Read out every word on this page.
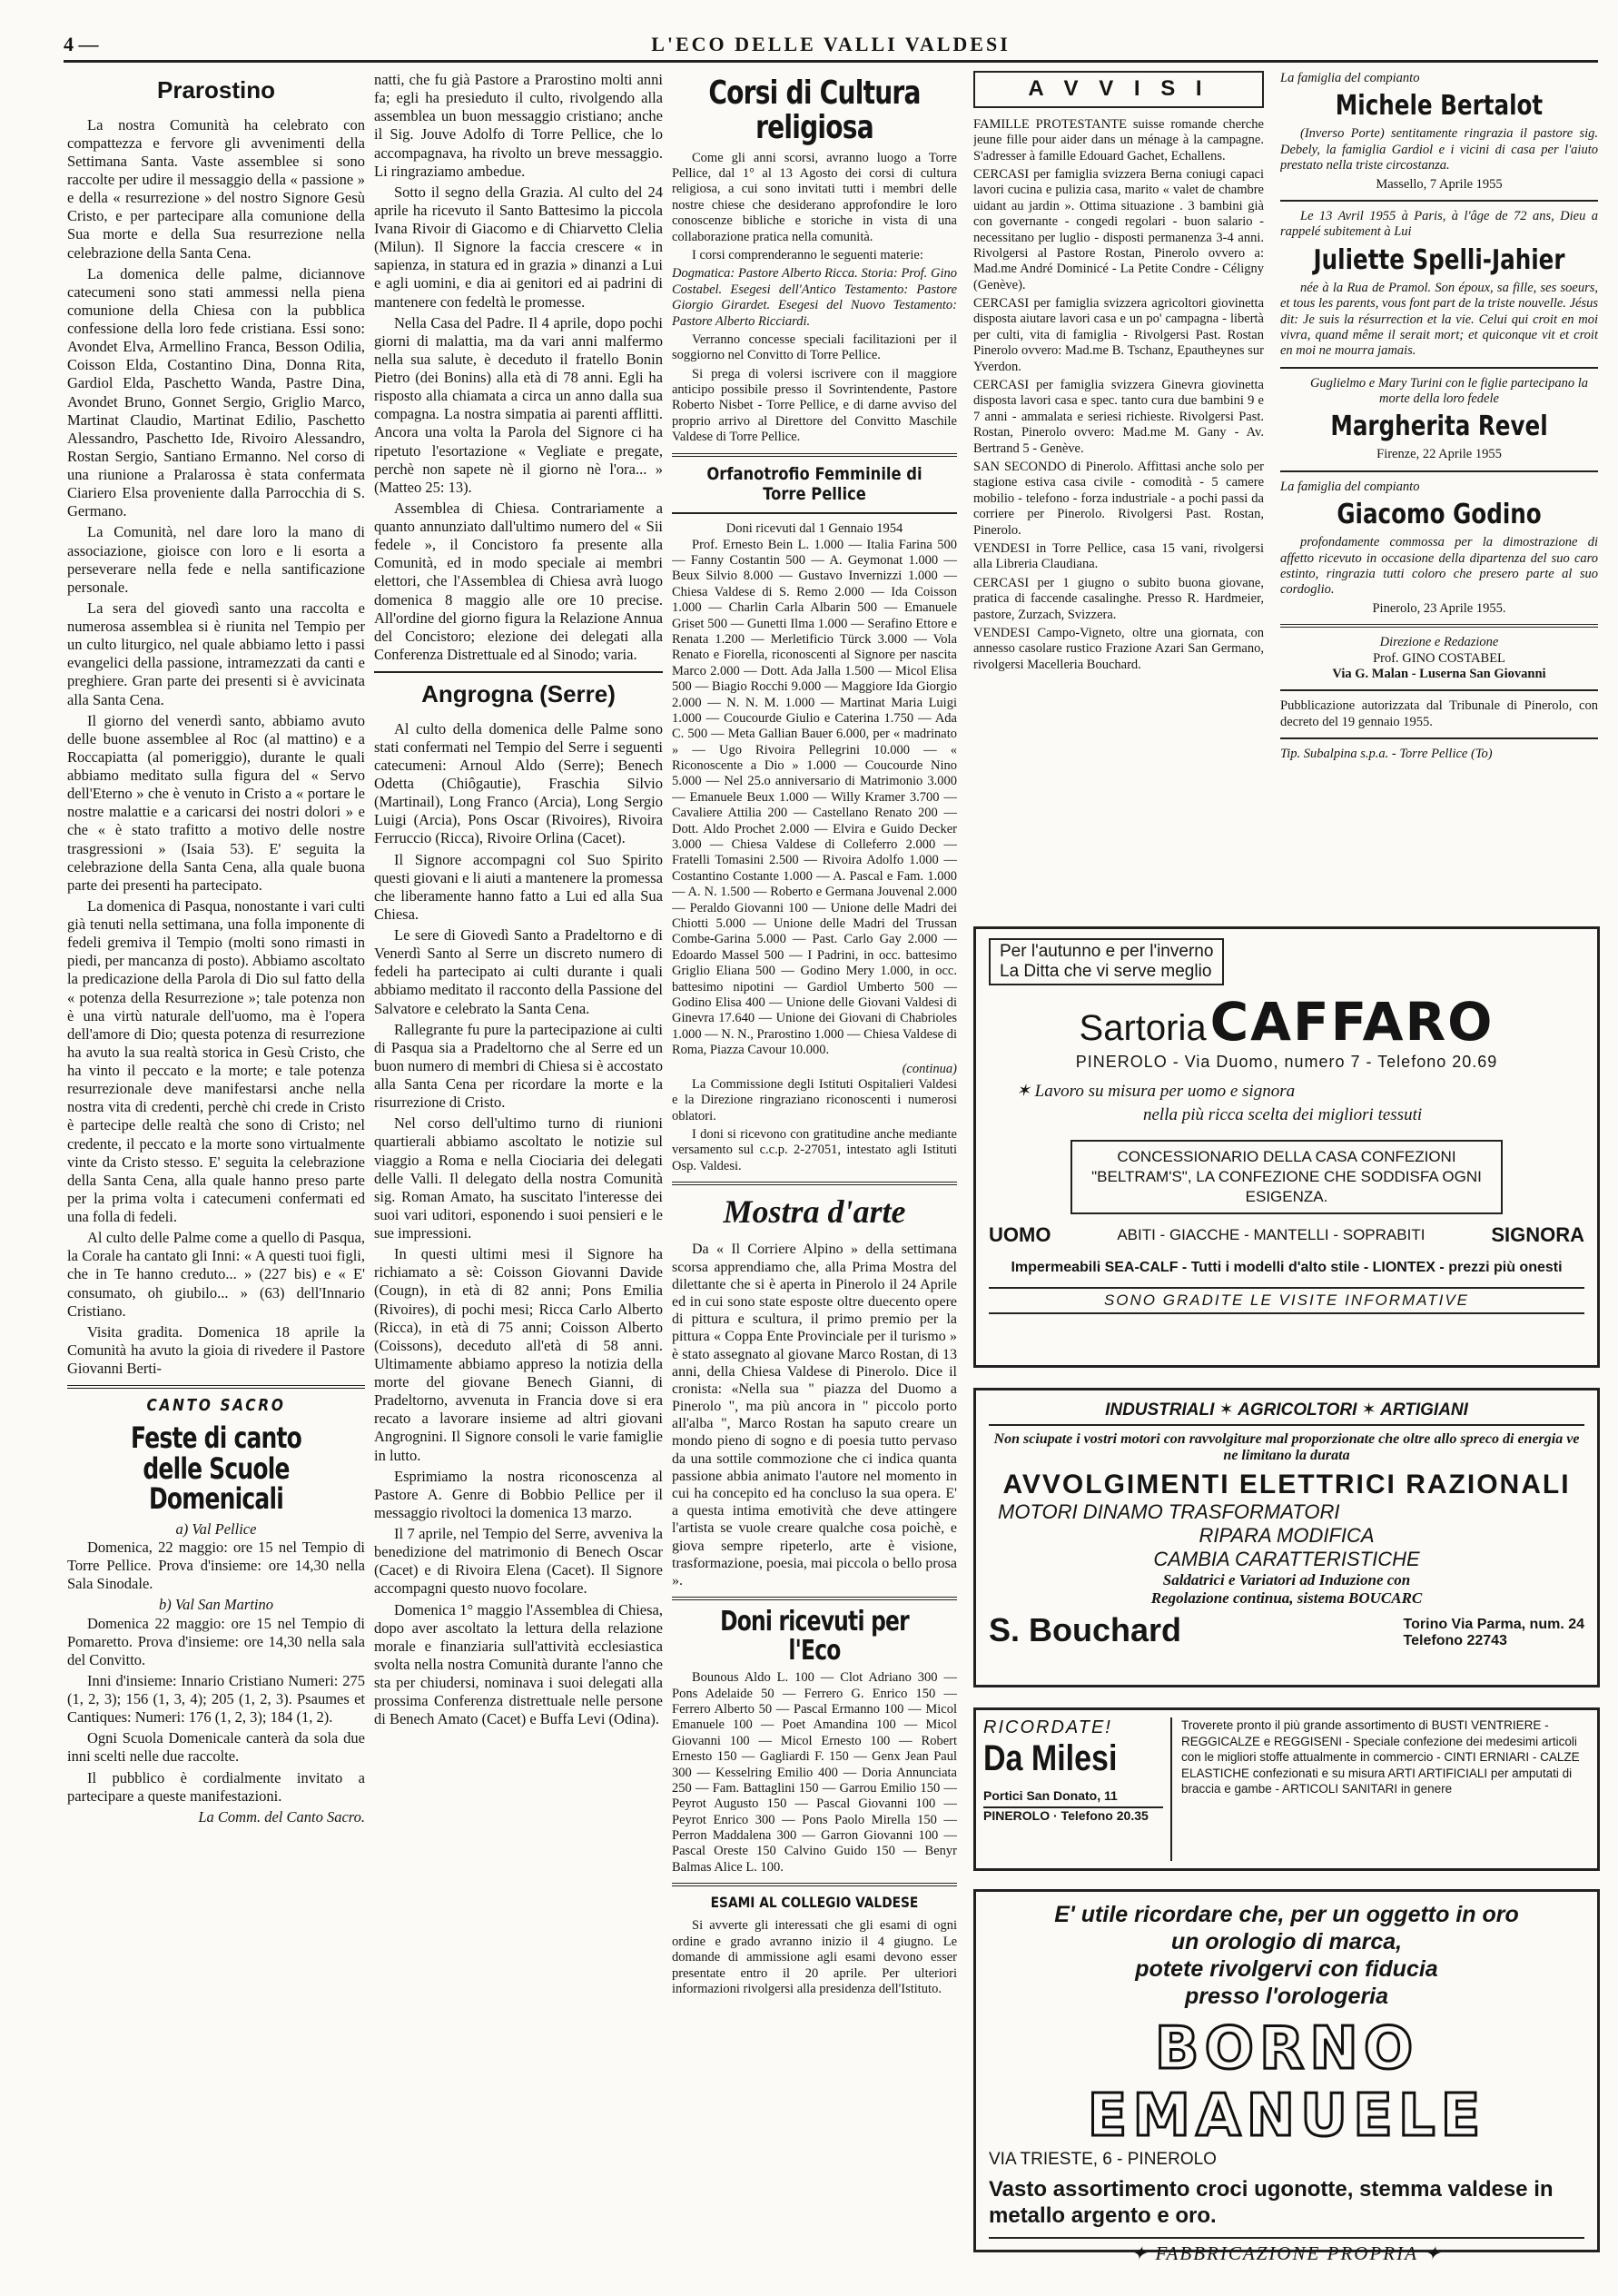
4 —	L'ECO DELLE VALLI VALDESI
Prarostino

La nostra Comunità ha celebrato con compattezza e fervore gli avvenimenti della Settimana Santa. Vaste assemblee si sono raccolte per udire il messaggio della « passione » e della « resurrezione » del nostro Signore Gesù Cristo, e per partecipare alla comunione della Sua morte e della Sua resurrezione nella celebrazione della Santa Cena.

La domenica delle palme, diciannove catecumeni sono stati ammessi nella piena comunione della Chiesa con la pubblica confessione della loro fede cristiana. Essi sono: Avondet Elva, Armellino Franca, Besson Odilia, Coisson Elda, Costantino Dina, Donna Rita, Gardiol Elda, Paschetto Wanda, Pastre Dina, Avondet Bruno, Gonnet Sergio, Griglio Marco, Martinat Claudio, Martinat Edilio, Paschetto Alessandro, Paschetto Ide, Rivoiro Alessandro, Rostan Sergio, Santiano Ermanno. Nel corso di una riunione a Pralarossa è stata confermata Ciariero Elsa proveniente dalla Parrocchia di S. Germano.

La Comunità, nel dare loro la mano di associazione, gioisce con loro e li esorta a perseverare nella fede e nella santificazione personale.

La sera del giovedì santo una raccolta e numerosa assemblea si è riunita nel Tempio per un culto liturgico, nel quale abbiamo letto i passi evangelici della passione, intramezzati da canti e preghiere. Gran parte dei presenti si è avvicinata alla Santa Cena.

Il giorno del venerdì santo, abbiamo avuto delle buone assemblee al Roc (al mattino) e a Roccapiatta (al pomeriggio), durante le quali abbiamo meditato sulla figura del « Servo dell'Eterno » che è venuto in Cristo a « portare le nostre malattie e a caricarsi dei nostri dolori » e che « è stato trafitto a motivo delle nostre trasgressioni » (Isaia 53). E' seguita la celebrazione della Santa Cena, alla quale buona parte dei presenti ha partecipato.

La domenica di Pasqua, nonostante i vari culti già tenuti nella settimana, una folla imponente di fedeli gremiva il Tempio (molti sono rimasti in piedi, per mancanza di posto). Abbiamo ascoltato la predicazione della Parola di Dio sul fatto della « potenza della Resurrezione »; tale potenza non è una virtù naturale dell'uomo, ma è l'opera dell'amore di Dio; questa potenza di resurrezione ha avuto la sua realtà storica in Gesù Cristo, che ha vinto il peccato e la morte; e tale potenza resurrezionale deve manifestarsi anche nella nostra vita di credenti, perchè chi crede in Cristo è partecipe delle realtà che sono di Cristo; nel credente, il peccato e la morte sono virtualmente vinte da Cristo stesso. E' seguita la celebrazione della Santa Cena, alla quale hanno preso parte per la prima volta i catecumeni confermati ed una folla di fedeli.

Al culto delle Palme come a quello di Pasqua, la Corale ha cantato gli Inni: « A questi tuoi figli, che in Te hanno creduto... » (227 bis) e « E' consumato, oh giubilo... » (63) dell'Innario Cristiano.

Visita gradita. Domenica 18 aprile la Comunità ha avuto la gioia di rivedere il Pastore Giovanni Berti-

CANTO SACRO
Feste di canto delle Scuole Domenicali
a) Val Pellice

Domenica, 22 maggio: ore 15 nel Tempio di Torre Pellice. Prova d'insieme: ore 14,30 nella Sala Sinodale.

b) Val San Martino

Domenica 22 maggio: ore 15 nel Tempio di Pomaretto. Prova d'insieme: ore 14,30 nella sala del Convitto.

Inni d'insieme: Innario Cristiano Numeri: 275 (1, 2, 3); 156 (1, 3, 4); 205 (1, 2, 3). Psaumes et Cantiques: Numeri: 176 (1, 2, 3); 184 (1, 2).

Ogni Scuola Domenicale canterà da sola due inni scelti nelle due raccolte.

Il pubblico è cordialmente invitato a partecipare a queste manifestazioni.

La Comm. del Canto Sacro.

natti, che fu già Pastore a Prarostino molti anni fa; egli ha presieduto il culto, rivolgendo alla assemblea un buon messaggio cristiano; anche il Sig. Jouve Adolfo di Torre Pellice, che lo accompagnava, ha rivolto un breve messaggio. Li ringraziamo ambedue.

Sotto il segno della Grazia. Al culto del 24 aprile ha ricevuto il Santo Battesimo la piccola Ivana Rivoir di Giacomo e di Chiarvetto Clelia (Milun). Il Signore la faccia crescere « in sapienza, in statura ed in grazia » dinanzi a Lui e agli uomini, e dia ai genitori ed ai padrini di mantenere con fedeltà le promesse.

Nella Casa del Padre. Il 4 aprile, dopo pochi giorni di malattia, ma da vari anni malfermo nella sua salute, è deceduto il fratello Bonin Pietro (dei Bonins) alla età di 78 anni. Egli ha risposto alla chiamata a circa un anno dalla sua compagna. La nostra simpatia ai parenti afflitti. Ancora una volta la Parola del Signore ci ha ripetuto l'esortazione « Vegliate e pregate, perchè non sapete nè il giorno nè l'ora... » (Matteo 25: 13).

Assemblea di Chiesa. Contrariamente a quanto annunziato dall'ultimo numero del « Sii fedele », il Concistoro fa presente alla Comunità, ed in modo speciale ai membri elettori, che l'Assemblea di Chiesa avrà luogo domenica 8 maggio alle ore 10 precise. All'ordine del giorno figura la Relazione Annua del Concistoro; elezione dei delegati alla Conferenza Distrettuale ed al Sinodo; varia.

Angrogna (Serre)

Al culto della domenica delle Palme sono stati confermati nel Tempio del Serre i seguenti catecumeni: Arnoul Aldo (Serre); Benech Odetta (Chiôgautie), Fraschia Silvio (Martinail), Long Franco (Arcia), Long Sergio Luigi (Arcia), Pons Oscar (Rivoires), Rivoira Ferruccio (Ricca), Rivoire Orlina (Cacet).

Il Signore accompagni col Suo Spirito questi giovani e li aiuti a mantenere la promessa che liberamente hanno fatto a Lui ed alla Sua Chiesa.

Le sere di Giovedì Santo a Pradeltorno e di Venerdì Santo al Serre un discreto numero di fedeli ha partecipato ai culti durante i quali abbiamo meditato il racconto della Passione del Salvatore e celebrato la Santa Cena.

Rallegrante fu pure la partecipazione ai culti di Pasqua sia a Pradeltorno che al Serre ed un buon numero di membri di Chiesa si è accostato alla Santa Cena per ricordare la morte e la risurrezione di Cristo.

Nel corso dell'ultimo turno di riunioni quartierali abbiamo ascoltato le notizie sul viaggio a Roma e nella Ciociaria dei delegati delle Valli. Il delegato della nostra Comunità sig. Roman Amato, ha suscitato l'interesse dei suoi vari uditori, esponendo i suoi pensieri e le sue impressioni.

In questi ultimi mesi il Signore ha richiamato a sè: Coisson Giovanni Davide (Cougn), in età di 82 anni; Pons Emilia (Rivoires), di pochi mesi; Ricca Carlo Alberto (Ricca), in età di 75 anni; Coisson Alberto (Coissons), deceduto all'età di 58 anni. Ultimamente abbiamo appreso la notizia della morte del giovane Benech Gianni, di Pradeltorno, avvenuta in Francia dove si era recato a lavorare insieme ad altri giovani Angrognini. Il Signore consoli le varie famiglie in lutto.

Esprimiamo la nostra riconoscenza al Pastore A. Genre di Bobbio Pellice per il messaggio rivoltoci la domenica 13 marzo.

Il 7 aprile, nel Tempio del Serre, avveniva la benedizione del matrimonio di Benech Oscar (Cacet) e di Rivoira Elena (Cacet). Il Signore accompagni questo nuovo focolare.

Domenica 1° maggio l'Assemblea di Chiesa, dopo aver ascoltato la lettura della relazione morale e finanziaria sull'attività ecclesiastica svolta nella nostra Comunità durante l'anno che sta per chiudersi, nominava i suoi delegati alla prossima Conferenza distrettuale nelle persone di Benech Amato (Cacet) e Buffa Levi (Odina).

Corsi di Cultura religiosa

Come gli anni scorsi, avranno luogo a Torre Pellice, dal 1° al 13 Agosto dei corsi di cultura religiosa, a cui sono invitati tutti i membri delle nostre chiese che desiderano approfondire le loro conoscenze bibliche e storiche in vista di una collaborazione pratica nella comunità.

I corsi comprenderanno le seguenti materie:

Dogmatica: Pastore Alberto Ricca. Storia: Prof. Gino Costabel. Esegesi dell'Antico Testamento: Pastore Giorgio Girardet. Esegesi del Nuovo Testamento: Pastore Alberto Ricciardi.

Verranno concesse speciali facilitazioni per il soggiorno nel Convitto di Torre Pellice.

Si prega di volersi iscrivere con il maggiore anticipo possibile presso il Sovrintendente, Pastore Roberto Nisbet - Torre Pellice, e di darne avviso del proprio arrivo al Direttore del Convitto Maschile Valdese di Torre Pellice.

Orfanotrofio Femminile di Torre Pellice
Doni ricevuti dal 1 Gennaio 1954

Prof. Ernesto Bein L. 1.000 — Italia Farina 500 — Fanny Costantin 500 — A. Geymonat 1.000 — Beux Silvio 8.000 — Gustavo Invernizzi 1.000 — Chiesa Valdese di S. Remo 2.000 — Ida Coisson 1.000 — Charlin Carla Albarin 500 — Emanuele Griset 500 — Gunetti Ilma 1.000 — Serafino Ettore e Renata 1.200 — Merletificio Türck 3.000 — Vola Renato e Fiorella, riconoscenti al Signore per nascita Marco 2.000 — Dott. Ada Jalla 1.500 — Micol Elisa 500 — Biagio Rocchi 9.000 — Maggiore Ida Giorgio 2.000 — N. N. M. 1.000 — Martinat Maria Luigi 1.000 — Coucourde Giulio e Caterina 1.750 — Ada C. 500 — Meta Gallian Bauer 6.000, per « madrinato » — Ugo Rivoira Pellegrini 10.000 — « Riconoscente a Dio » 1.000 — Coucourde Nino 5.000 — Nel 25.o anniversario di Matrimonio 3.000 — Emanuele Beux 1.000 — Willy Kramer 3.700 — Cavaliere Attilia 200 — Castellano Renato 200 — Dott. Aldo Prochet 2.000 — Elvira e Guido Decker 3.000 — Chiesa Valdese di Colleferro 2.000 — Fratelli Tomasini 2.500 — Rivoira Adolfo 1.000 — Costantino Costante 1.000 — A. Pascal e Fam. 1.000 — A. N. 1.500 — Roberto e Germana Jouvenal 2.000 — Peraldo Giovanni 100 — Unione delle Madri dei Chiotti 5.000 — Unione delle Madri del Trussan Combe-Garina 5.000 — Past. Carlo Gay 2.000 — Edoardo Massel 500 — I Padrini, in occ. battesimo Griglio Eliana 500 — Godino Mery 1.000, in occ. battesimo nipotini — Gardiol Umberto 500 — Godino Elisa 400 — Unione delle Giovani Valdesi di Ginevra 17.640 — Unione dei Giovani di Chabrioles 1.000 — N. N., Prarostino 1.000 — Chiesa Valdese di Roma, Piazza Cavour 10.000.

(continua)

La Commissione degli Istituti Ospitalieri Valdesi e la Direzione ringraziano riconoscenti i numerosi oblatori.

I doni si ricevono con gratitudine anche mediante versamento sul c.c.p. 2-27051, intestato agli Istituti Osp. Valdesi.

Mostra d'arte

Da « Il Corriere Alpino » della settimana scorsa apprendiamo che, alla Prima Mostra del dilettante che si è aperta in Pinerolo il 24 Aprile ed in cui sono state esposte oltre duecento opere di pittura e scultura, il primo premio per la pittura « Coppa Ente Provinciale per il turismo » è stato assegnato al giovane Marco Rostan, di 13 anni, della Chiesa Valdese di Pinerolo. Dice il cronista: «Nella sua " piazza del Duomo a Pinerolo ", ma più ancora in " piccolo porto all'alba ", Marco Rostan ha saputo creare un mondo pieno di sogno e di poesia tutto pervaso da una sottile commozione che ci indica quanta passione abbia animato l'autore nel momento in cui ha concepito ed ha concluso la sua opera. E' a questa intima emotività che deve attingere l'artista se vuole creare qualche cosa poichè, e giova sempre ripeterlo, arte è visione, trasformazione, poesia, mai piccola o bello prosa ».

Doni ricevuti per l'Eco

Bounous Aldo L. 100 — Clot Adriano 300 — Pons Adelaide 50 — Ferrero G. Enrico 150 — Ferrero Alberto 50 — Pascal Ermanno 100 — Micol Emanuele 100 — Poet Amandina 100 — Micol Giovanni 100 — Micol Ernesto 100 — Robert Ernesto 150 — Gagliardi F. 150 — Genx Jean Paul 300 — Kesselring Emilio 400 — Doria Annunciata 250 — Fam. Battaglini 150 — Garrou Emilio 150 — Peyrot Augusto 150 — Pascal Giovanni 100 — Peyrot Enrico 300 — Pons Paolo Mirella 150 — Perron Maddalena 300 — Garron Giovanni 100 — Pascal Oreste 150 Calvino Guido 150 — Benyr Balmas Alice L. 100.

ESAMI AL COLLEGIO VALDESE

Si avverte gli interessati che gli esami di ogni ordine e grado avranno inizio il 4 giugno. Le domande di ammissione agli esami devono esser presentate entro il 20 aprile. Per ulteriori informazioni rivolgersi alla presidenza dell'Istituto.

A V V I S I

FAMILLE PROTESTANTE suisse romande cherche jeune fille pour aider dans un ménage à la campagne. S'adresser à famille Edouard Gachet, Echallens.

CERCASI per famiglia svizzera Berna coniugi capaci lavori cucina e pulizia casa, marito « valet de chambre uidant au jardin ». Ottima situazione . 3 bambini già con governante - congedi regolari - buon salario - necessitano per luglio - disposti permanenza 3-4 anni. Rivolgersi al Pastore Rostan, Pinerolo ovvero a: Mad.me André Dominicé - La Petite Condre - Céligny (Genève).

CERCASI per famiglia svizzera agricoltori giovinetta disposta aiutare lavori casa e un po' campagna - libertà per culti, vita di famiglia - Rivolgersi Past. Rostan Pinerolo ovvero: Mad.me B. Tschanz, Epautheynes sur Yverdon.

CERCASI per famiglia svizzera Ginevra giovinetta disposta lavori casa e spec. tanto cura due bambini 9 e 7 anni - ammalata e seriesi richieste. Rivolgersi Past. Rostan, Pinerolo ovvero: Mad.me M. Gany - Av. Bertrand 5 - Genève.

SAN SECONDO di Pinerolo. Affittasi anche solo per stagione estiva casa civile - comodità - 5 camere mobilio - telefono - forza industriale - a pochi passi da corriere per Pinerolo. Rivolgersi Past. Rostan, Pinerolo.

VENDESI in Torre Pellice, casa 15 vani, rivolgersi alla Libreria Claudiana.

CERCASI per 1 giugno o subito buona giovane, pratica di faccende casalinghe. Presso R. Hardmeier, pastore, Zurzach, Svizzera.

VENDESI Campo-Vigneto, oltre una giornata, con annesso casolare rustico Frazione Azari San Germano, rivolgersi Macelleria Bouchard.

La famiglia del compianto
Michele Bertalot

(Inverso Porte) sentitamente ringrazia il pastore sig. Debely, la famiglia Gardiol e i vicini di casa per l'aiuto prestato nella triste circostanza.

Massello, 7 Aprile 1955

Le 13 Avril 1955 à Paris, à l'âge de 72 ans, Dieu a rappelé subitement à Lui

Juliette Spelli-Jahier

née à la Rua de Pramol. Son époux, sa fille, ses soeurs, et tous les parents, vous font part de la triste nouvelle. Jésus dit: Je suis la résurrection et la vie. Celui qui croit en moi vivra, quand même il serait mort; et quiconque vit et croit en moi ne mourra jamais.

Guglielmo e Mary Turini con le figlie partecipano la morte della loro fedele

Margherita Revel
Firenze, 22 Aprile 1955
La famiglia del compianto
Giacomo Godino

profondamente commossa per la dimostrazione di affetto ricevuto in occasione della dipartenza del suo caro estinto, ringrazia tutti coloro che presero parte al suo cordoglio.

Pinerolo, 23 Aprile 1955.
Direzione e Redazione
Prof. GINO COSTABEL
Via G. Malan - Luserna San Giovanni

Pubblicazione autorizzata dal Tribunale di Pinerolo, con decreto del 19 gennaio 1955.

Tip. Subalpina s.p.a. - Torre Pellice (To)
Per l'autunno e per l'inverno
La Ditta che vi serve meglio
Sartoria CAFFARO
PINEROLO - Via Duomo, numero 7 - Telefono 20.69
✶ Lavoro su misura per uomo e signora
nella più ricca scelta dei migliori tessuti
CONCESSIONARIO DELLA CASA CONFEZIONI "BELTRAM'S", LA CONFEZIONE CHE SODDISFA OGNI ESIGENZA.
UOMO	ABITI - GIACCHE - MANTELLI - SOPRABITI	SIGNORA
Impermeabili SEA-CALF - Tutti i modelli d'alto stile - LIONTEX - prezzi più onesti
SONO GRADITE LE VISITE INFORMATIVE
INDUSTRIALI ✶ AGRICOLTORI ✶ ARTIGIANI
Non sciupate i vostri motori con ravvolgiture mal proporzionate che oltre allo spreco di energia ve ne limitano la durata
AVVOLGIMENTI ELETTRICI RAZIONALI
MOTORI DINAMO TRASFORMATORI
RIPARA MODIFICA
CAMBIA CARATTERISTICHE
Saldatrici e Variatori ad Induzione con
Regolazione continua, sistema BOUCARC
S. Bouchard	Torino Via Parma, num. 24
Telefono 22743
RICORDATE!
Da Milesi
Portici San Donato, 11
PINEROLO · Telefono 20.35
Troverete pronto il più grande assortimento di BUSTI VENTRIERE - REGGICALZE e REGGISENI - Speciale confezione dei medesimi articoli con le migliori stoffe attualmente in commercio - CINTI ERNIARI - CALZE ELASTICHE confezionati e su misura ARTI ARTIFICIALI per amputati di braccia e gambe - ARTICOLI SANITARI in genere
E' utile ricordare che, per un oggetto in oro
un orologio di marca,
potete rivolgervi con fiducia
presso l'orologeria
BORNO EMANUELE
VIA TRIESTE, 6 - PINEROLO
Vasto assortimento croci ugonotte, stemma valdese in metallo argento e oro.
✦ FABBRICAZIONE PROPRIA ✦
